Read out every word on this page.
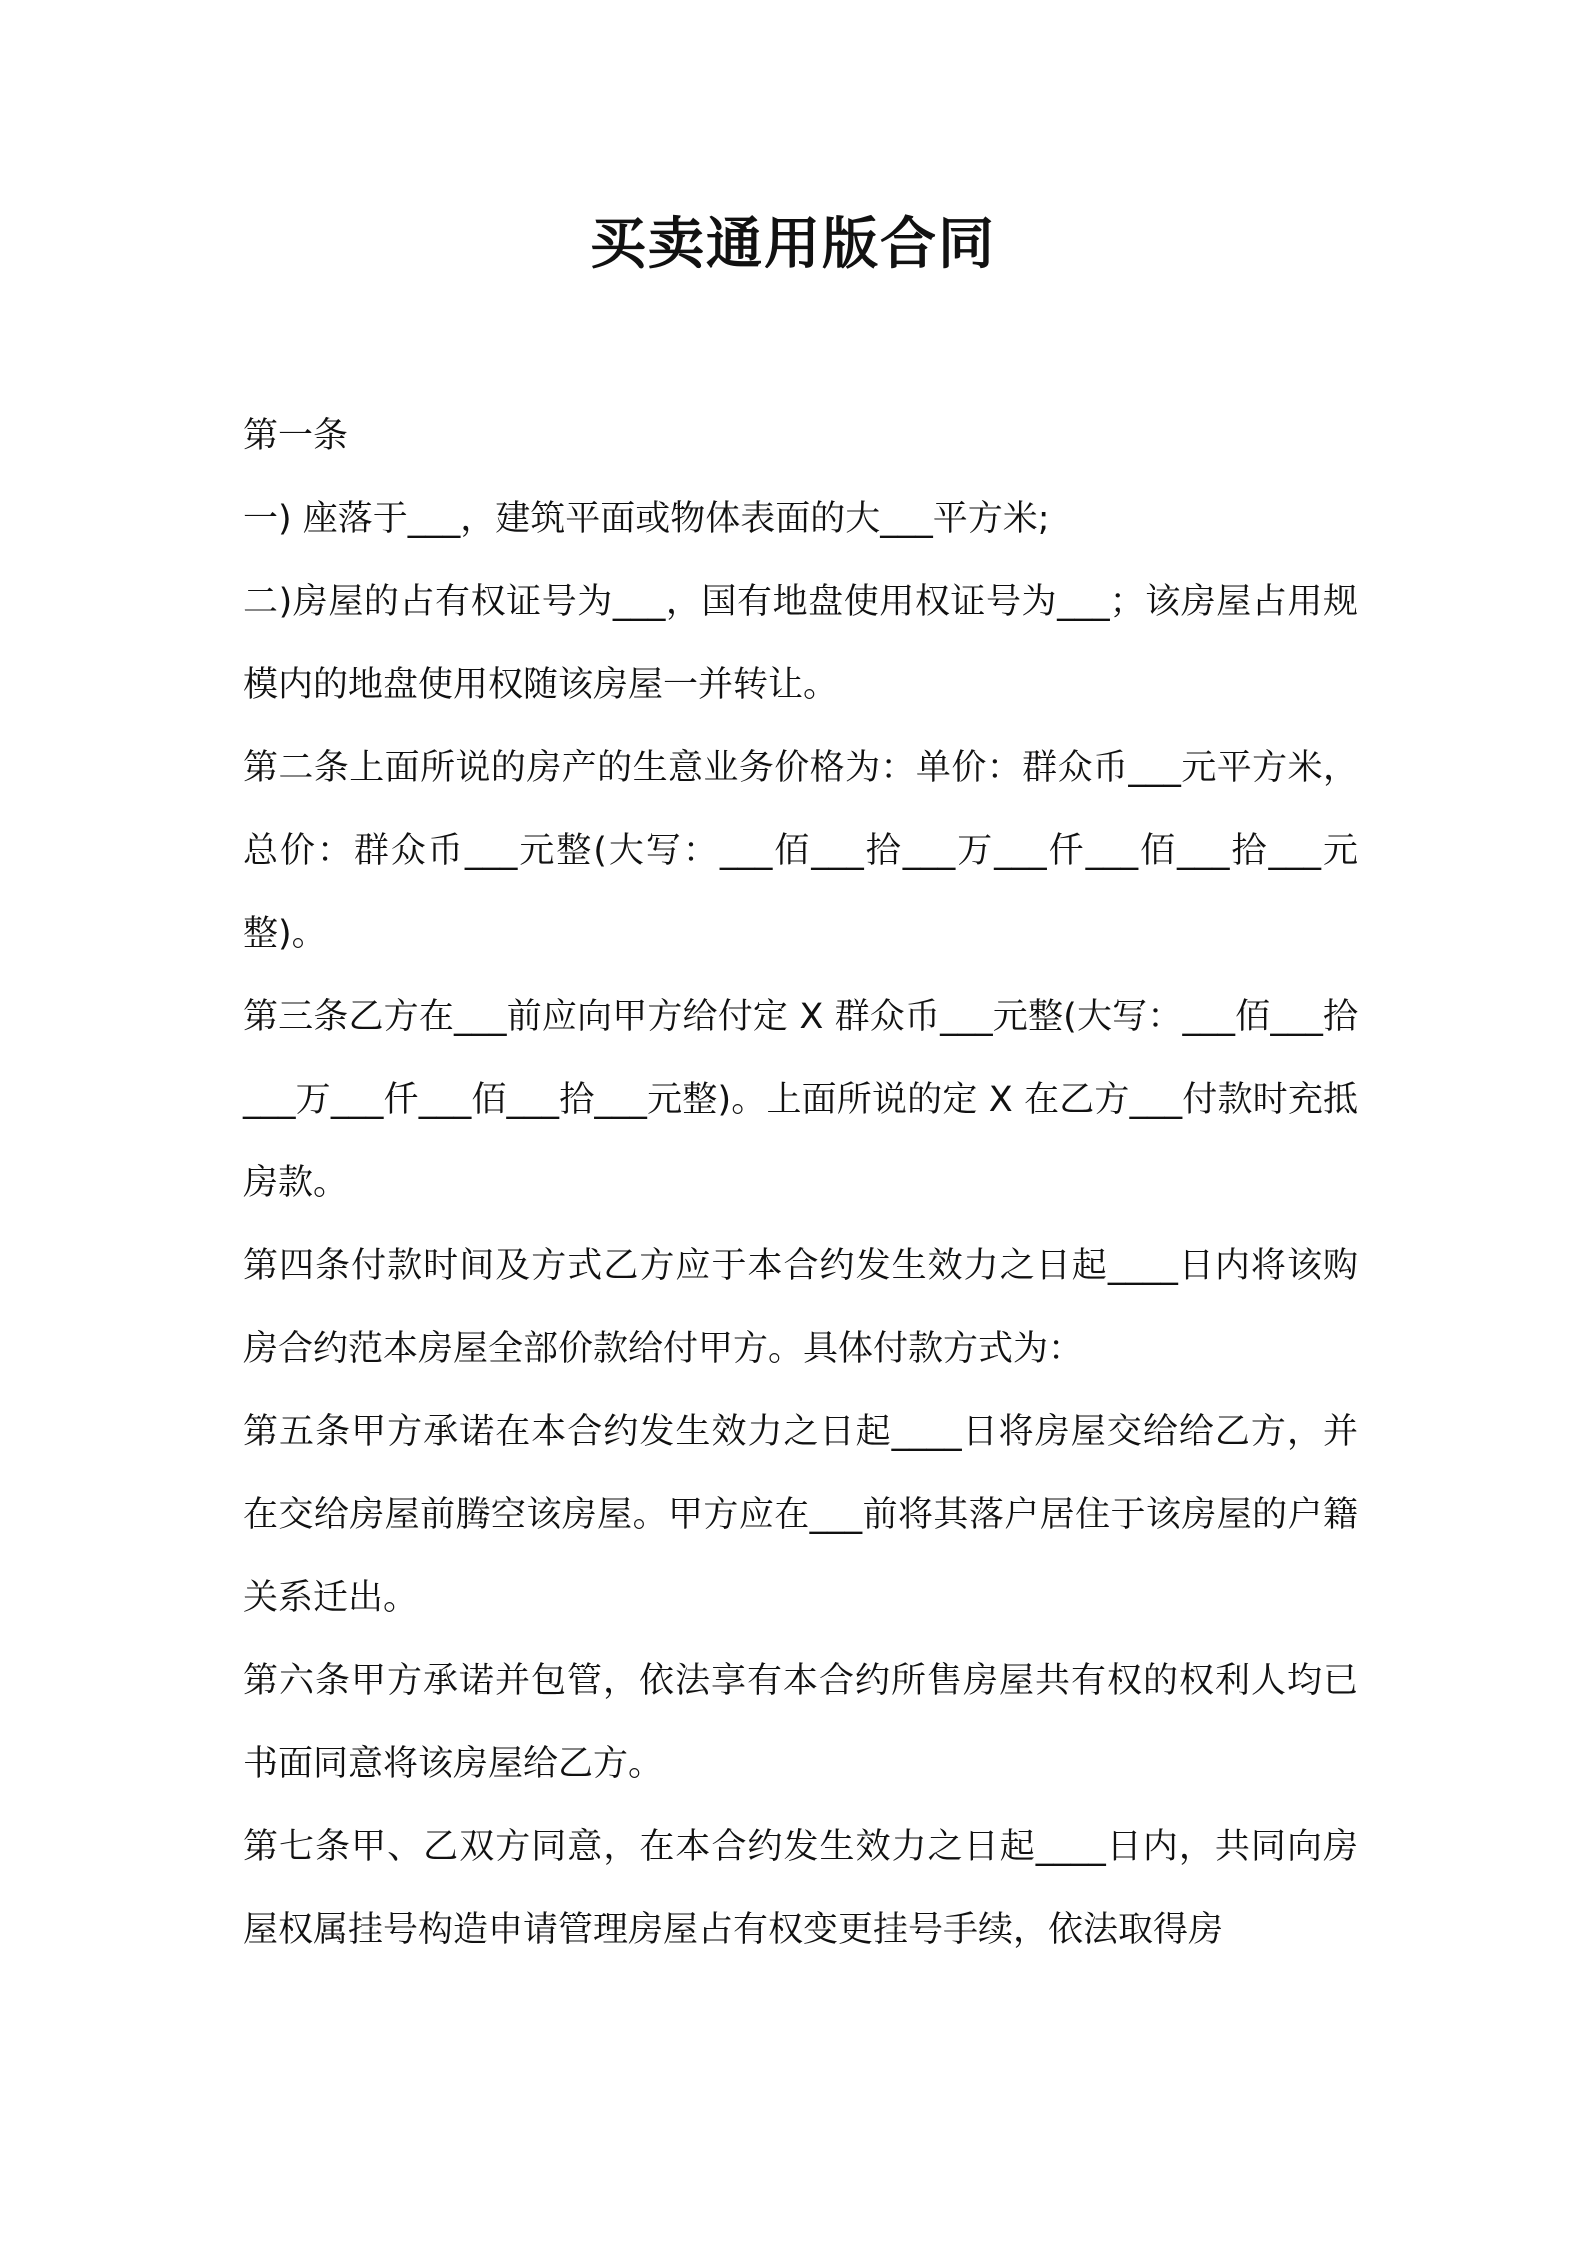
买卖通用版合同

第一条

一) 座落于___，建筑平面或物体表面的大___平方米;

二)房屋的占有权证号为___，国有地盘使用权证号为___；该房屋占用规模内的地盘使用权随该房屋一并转让。

第二条上面所说的房产的生意业务价格为：单价：群众币___元平方米，总价：群众币___元整(大写：___佰___拾___万___仟___佰___拾___元整)。

第三条乙方在___前应向甲方给付定 X 群众币___元整(大写：___佰___拾___万___仟___佰___拾___元整)。上面所说的定 X 在乙方___付款时充抵房款。

第四条付款时间及方式乙方应于本合约发生效力之日起____日内将该购房合约范本房屋全部价款给付甲方。具体付款方式为：

第五条甲方承诺在本合约发生效力之日起____日将房屋交给给乙方，并在交给房屋前腾空该房屋。甲方应在___前将其落户居住于该房屋的户籍关系迁出。

第六条甲方承诺并包管，依法享有本合约所售房屋共有权的权利人均已书面同意将该房屋给乙方。

第七条甲、乙双方同意，在本合约发生效力之日起____日内，共同向房屋权属挂号构造申请管理房屋占有权变更挂号手续，依法取得房
